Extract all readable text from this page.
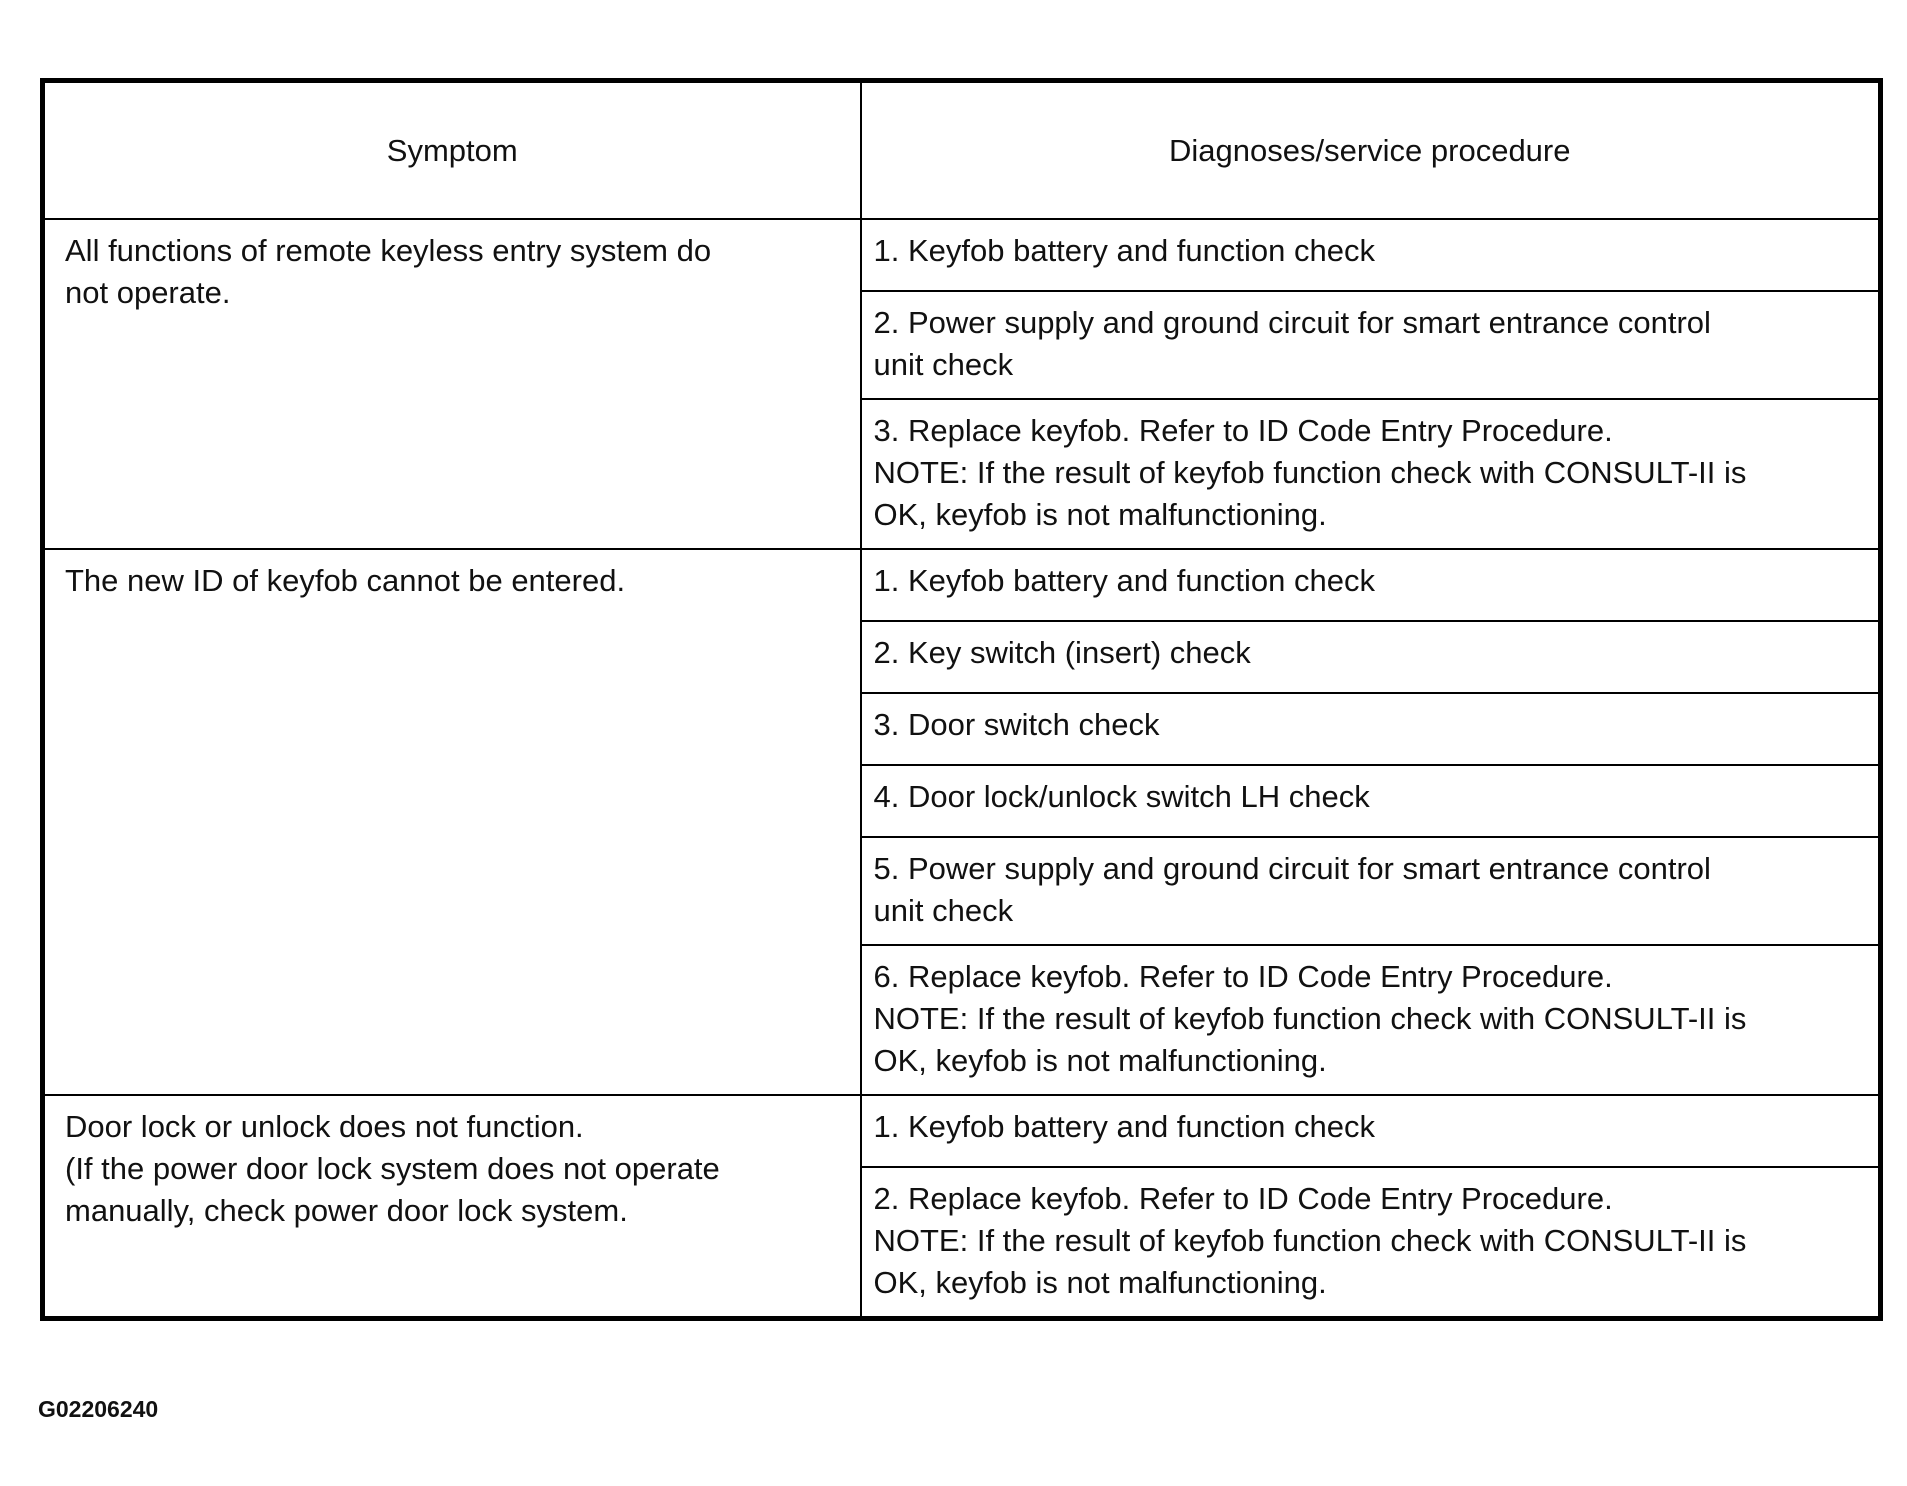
Symptom	Diagnoses/service procedure

All functions of remote keyless entry system do
not operate.	1. Keyfob battery and function check

	2. Power supply and ground circuit for smart entrance control
unit check

	3. Replace keyfob. Refer to ID Code Entry Procedure.
NOTE: If the result of keyfob function check with CONSULT-II is
OK, keyfob is not malfunctioning.

The new ID of keyfob cannot be entered.	1. Keyfob battery and function check

	2. Key switch (insert) check

	3. Door switch check

	4. Door lock/unlock switch LH check

	5. Power supply and ground circuit for smart entrance control
unit check

	6. Replace keyfob. Refer to ID Code Entry Procedure.
NOTE: If the result of keyfob function check with CONSULT-II is
OK, keyfob is not malfunctioning.

Door lock or unlock does not function.
(If the power door lock system does not operate
manually, check power door lock system.	1. Keyfob battery and function check

	2. Replace keyfob. Refer to ID Code Entry Procedure.
NOTE: If the result of keyfob function check with CONSULT-II is
OK, keyfob is not malfunctioning.
G02206240
